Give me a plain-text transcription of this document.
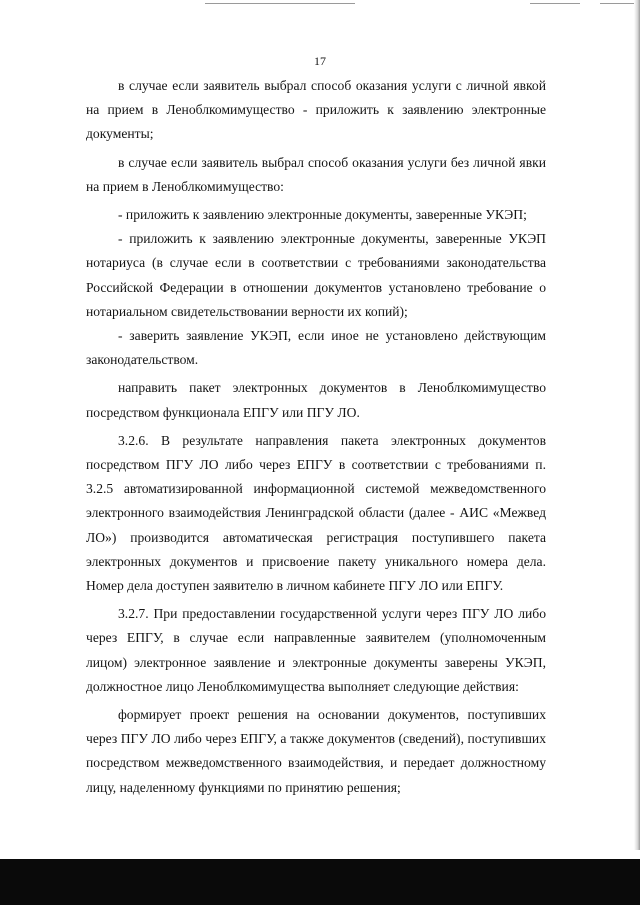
17

в случае если заявитель выбрал способ оказания услуги с личной явкой на прием в Леноблкомимущество - приложить к заявлению электронные документы;

в случае если заявитель выбрал способ оказания услуги без личной явки на прием в Леноблкомимущество:

- приложить к заявлению электронные документы, заверенные УКЭП;

- приложить к заявлению электронные документы, заверенные УКЭП нотариуса (в случае если в соответствии с требованиями законодательства Российской Федерации в отношении документов установлено требование о нотариальном свидетельствовании верности их копий);

- заверить заявление УКЭП, если иное не установлено действующим законодательством.

направить пакет электронных документов в Леноблкомимущество посредством функционала ЕПГУ или ПГУ ЛО.

3.2.6. В результате направления пакета электронных документов посредством ПГУ ЛО либо через ЕПГУ в соответствии с требованиями п. 3.2.5 автоматизированной информационной системой межведомственного электронного взаимодействия Ленинградской области (далее - АИС «Межвед ЛО») производится автоматическая регистрация поступившего пакета электронных документов и присвоение пакету уникального номера дела. Номер дела доступен заявителю в личном кабинете ПГУ ЛО или ЕПГУ.

3.2.7. При предоставлении государственной услуги через ПГУ ЛО либо через ЕПГУ, в случае если направленные заявителем (уполномоченным лицом) электронное заявление и электронные документы заверены УКЭП, должностное лицо Леноблкомимущества выполняет следующие действия:

формирует проект решения на основании документов, поступивших через ПГУ ЛО либо через ЕПГУ, а также документов (сведений), поступивших посредством межведомственного взаимодействия, и передает должностному лицу, наделенному функциями по принятию решения;
